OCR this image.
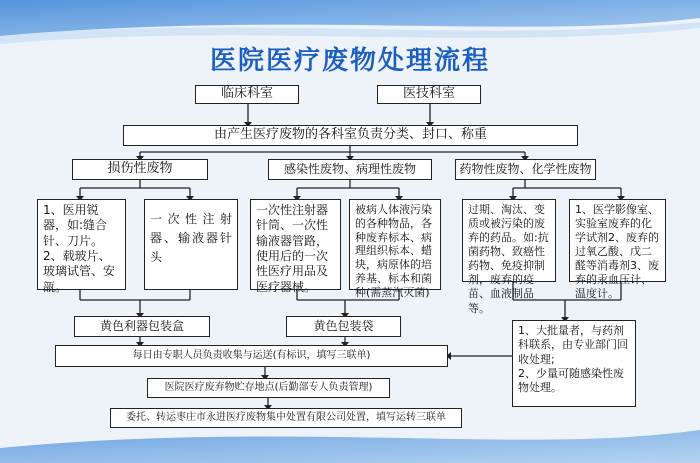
医院医疗废物处理流程
临床科室	医技科室
由产生医疗废物的各科室负责分类、封口、称重
损伤性废物	感染性废物、病理性废物	药物性废物、化学性废物
1、医用锐器，如:缝合针、刀片。
2、载玻片、玻璃试管、安瓿。
一次性注射器、输液器针头
一次性注射器针筒、一次性输液器管路，使用后的一次性医疗用品及医疗器械。
被病人体液污染的各种物品，各种废弃标本、病理组织标本、蜡块，病原体的培养基、标本和菌种(需蒸汽灭菌)
过期、淘汰、变质或被污染的废弃的药品。如:抗菌药物、致癌性药物、免疫抑制剂，废弃的疫苗、血液制品等。
1、医学影像室、实验室废弃的化学试剂2、废弃的过氧乙酸、戊二醛等消毒剂3、废弃的汞血压计、温度计。
黄色利器包装盒	黄色包装袋	1、大批量者，与药剂科联系，由专业部门回收处理;
2、少量可随感染性废物处理。
每日由专职人员负责收集与运送(有标识，填写三联单)
医院医疗废弃物贮存地点(后勤部专人负责管理)
委托、转运枣庄市永进医疗废物集中处置有限公司处置，填写运转三联单
